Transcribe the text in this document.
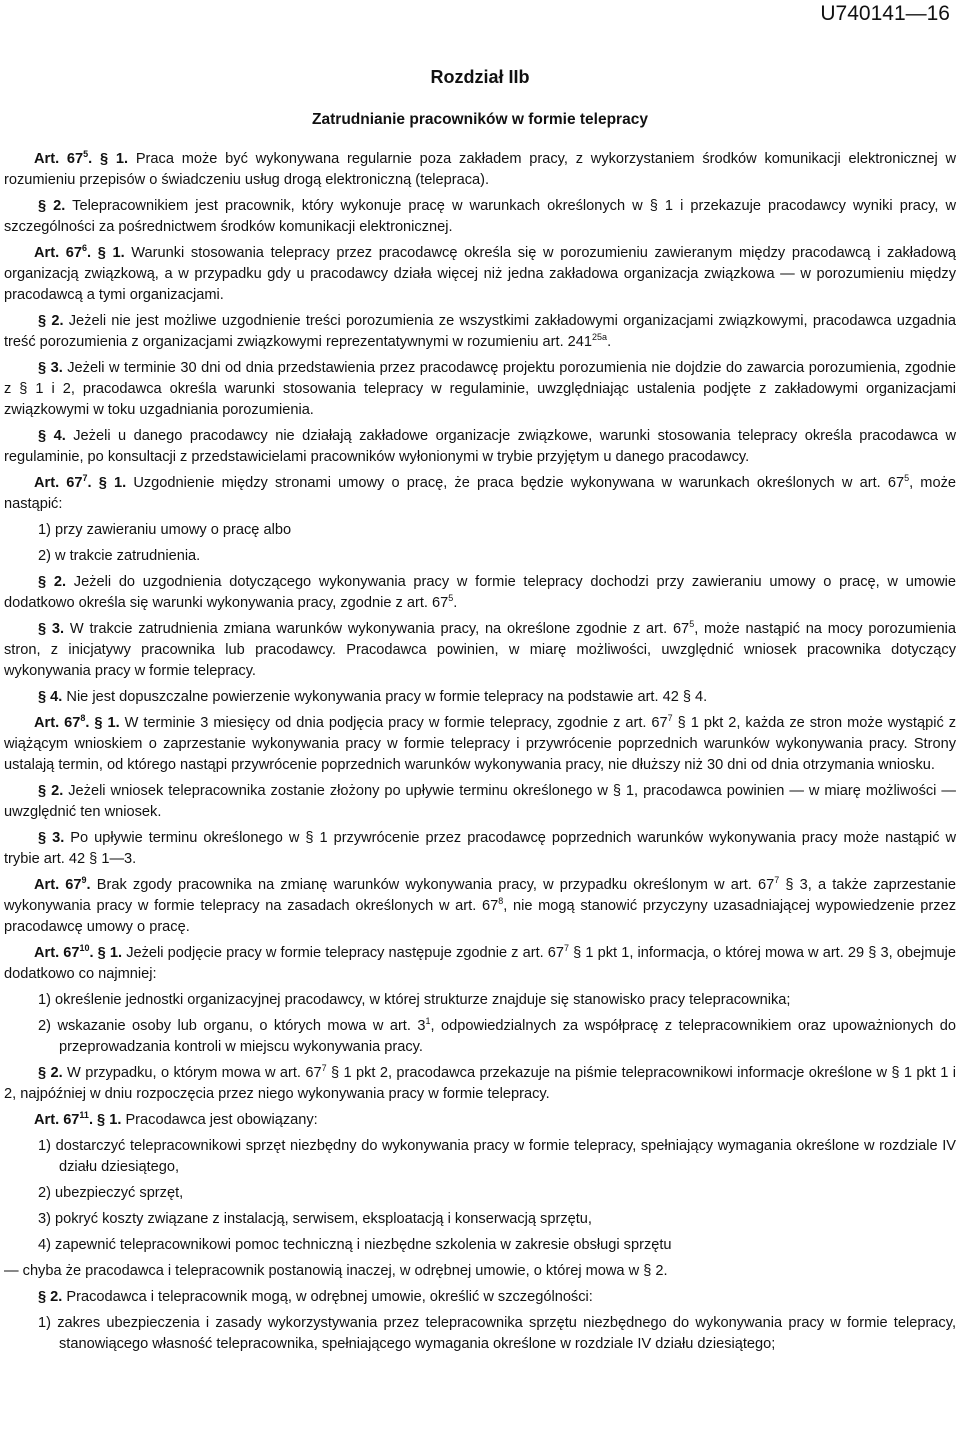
U740141—16
Rozdział IIb
Zatrudnianie pracowników w formie telepracy
Art. $67^5$. § 1. Praca może być wykonywana regularnie poza zakładem pracy, z wykorzystaniem środków komunikacji elektronicznej w rozumieniu przepisów o świadczeniu usług drogą elektroniczną (telepraca).
§ 2. Telepracownikiem jest pracownik, który wykonuje pracę w warunkach określonych w § 1 i przekazuje pracodawcy wyniki pracy, w szczególności za pośrednictwem środków komunikacji elektronicznej.
Art. $67^6$. § 1. Warunki stosowania telepracy przez pracodawcę określa się w porozumieniu zawieranym między pracodawcą i zakładową organizacją związkową, a w przypadku gdy u pracodawcy działa więcej niż jedna zakładowa organizacja związkowa — w porozumieniu między pracodawcą a tymi organizacjami.
§ 2. Jeżeli nie jest możliwe uzgodnienie treści porozumienia ze wszystkimi zakładowymi organizacjami związkowymi, pracodawca uzgadnia treść porozumienia z organizacjami związkowymi reprezentatywnymi w rozumieniu art. $241^{25a}$.
§ 3. Jeżeli w terminie 30 dni od dnia przedstawienia przez pracodawcę projektu porozumienia nie dojdzie do zawarcia porozumienia, zgodnie z § 1 i 2, pracodawca określa warunki stosowania telepracy w regulaminie, uwzględniając ustalenia podjęte z zakładowymi organizacjami związkowymi w toku uzgadniania porozumienia.
§ 4. Jeżeli u danego pracodawcy nie działają zakładowe organizacje związkowe, warunki stosowania telepracy określa pracodawca w regulaminie, po konsultacji z przedstawicielami pracowników wyłonionymi w trybie przyjętym u danego pracodawcy.
Art. $67^7$. § 1. Uzgodnienie między stronami umowy o pracę, że praca będzie wykonywana w warunkach określonych w art. $67^5$, może nastąpić:
1) przy zawieraniu umowy o pracę albo
2) w trakcie zatrudnienia.
§ 2. Jeżeli do uzgodnienia dotyczącego wykonywania pracy w formie telepracy dochodzi przy zawieraniu umowy o pracę, w umowie dodatkowo określa się warunki wykonywania pracy, zgodnie z art. $67^5$.
§ 3. W trakcie zatrudnienia zmiana warunków wykonywania pracy, na określone zgodnie z art. $67^5$, może nastąpić na mocy porozumienia stron, z inicjatywy pracownika lub pracodawcy. Pracodawca powinien, w miarę możliwości, uwzględnić wniosek pracownika dotyczący wykonywania pracy w formie telepracy.
§ 4. Nie jest dopuszczalne powierzenie wykonywania pracy w formie telepracy na podstawie art. 42 § 4.
Art. $67^8$. § 1. W terminie 3 miesięcy od dnia podjęcia pracy w formie telepracy, zgodnie z art. $67^7$ § 1 pkt 2, każda ze stron może wystąpić z wiążącym wnioskiem o zaprzestanie wykonywania pracy w formie telepracy i przywrócenie poprzednich warunków wykonywania pracy. Strony ustalają termin, od którego nastąpi przywrócenie poprzednich warunków wykonywania pracy, nie dłuższy niż 30 dni od dnia otrzymania wniosku.
§ 2. Jeżeli wniosek telepracownika zostanie złożony po upływie terminu określonego w § 1, pracodawca powinien — w miarę możliwości — uwzględnić ten wniosek.
§ 3. Po upływie terminu określonego w § 1 przywrócenie przez pracodawcę poprzednich warunków wykonywania pracy może nastąpić w trybie art. 42 § 1—3.
Art. $67^9$. Brak zgody pracownika na zmianę warunków wykonywania pracy, w przypadku określonym w art. $67^7$ § 3, a także zaprzestanie wykonywania pracy w formie telepracy na zasadach określonych w art. $67^8$, nie mogą stanowić przyczyny uzasadniającej wypowiedzenie przez pracodawcę umowy o pracę.
Art. $67^{10}$. § 1. Jeżeli podjęcie pracy w formie telepracy następuje zgodnie z art. $67^7$ § 1 pkt 1, informacja, o której mowa w art. 29 § 3, obejmuje dodatkowo co najmniej:
1) określenie jednostki organizacyjnej pracodawcy, w której strukturze znajduje się stanowisko pracy telepracownika;
2) wskazanie osoby lub organu, o których mowa w art. $3^1$, odpowiedzialnych za współpracę z telepracownikiem oraz upoważnionych do przeprowadzania kontroli w miejscu wykonywania pracy.
§ 2. W przypadku, o którym mowa w art. $67^7$ § 1 pkt 2, pracodawca przekazuje na piśmie telepracownikowi informacje określone w § 1 pkt 1 i 2, najpóźniej w dniu rozpoczęcia przez niego wykonywania pracy w formie telepracy.
Art. $67^{11}$. § 1. Pracodawca jest obowiązany:
1) dostarczyć telepracownikowi sprzęt niezbędny do wykonywania pracy w formie telepracy, spełniający wymagania określone w rozdziale IV działu dziesiątego,
2) ubezpieczyć sprzęt,
3) pokryć koszty związane z instalacją, serwisem, eksploatacją i konserwacją sprzętu,
4) zapewnić telepracownikowi pomoc techniczną i niezbędne szkolenia w zakresie obsługi sprzętu
— chyba że pracodawca i telepracownik postanowią inaczej, w odrębnej umowie, o której mowa w § 2.
§ 2. Pracodawca i telepracownik mogą, w odrębnej umowie, określić w szczególności:
1) zakres ubezpieczenia i zasady wykorzystywania przez telepracownika sprzętu niezbędnego do wykonywania pracy w formie telepracy, stanowiącego własność telepracownika, spełniającego wymagania określone w rozdziale IV działu dziesiątego;
